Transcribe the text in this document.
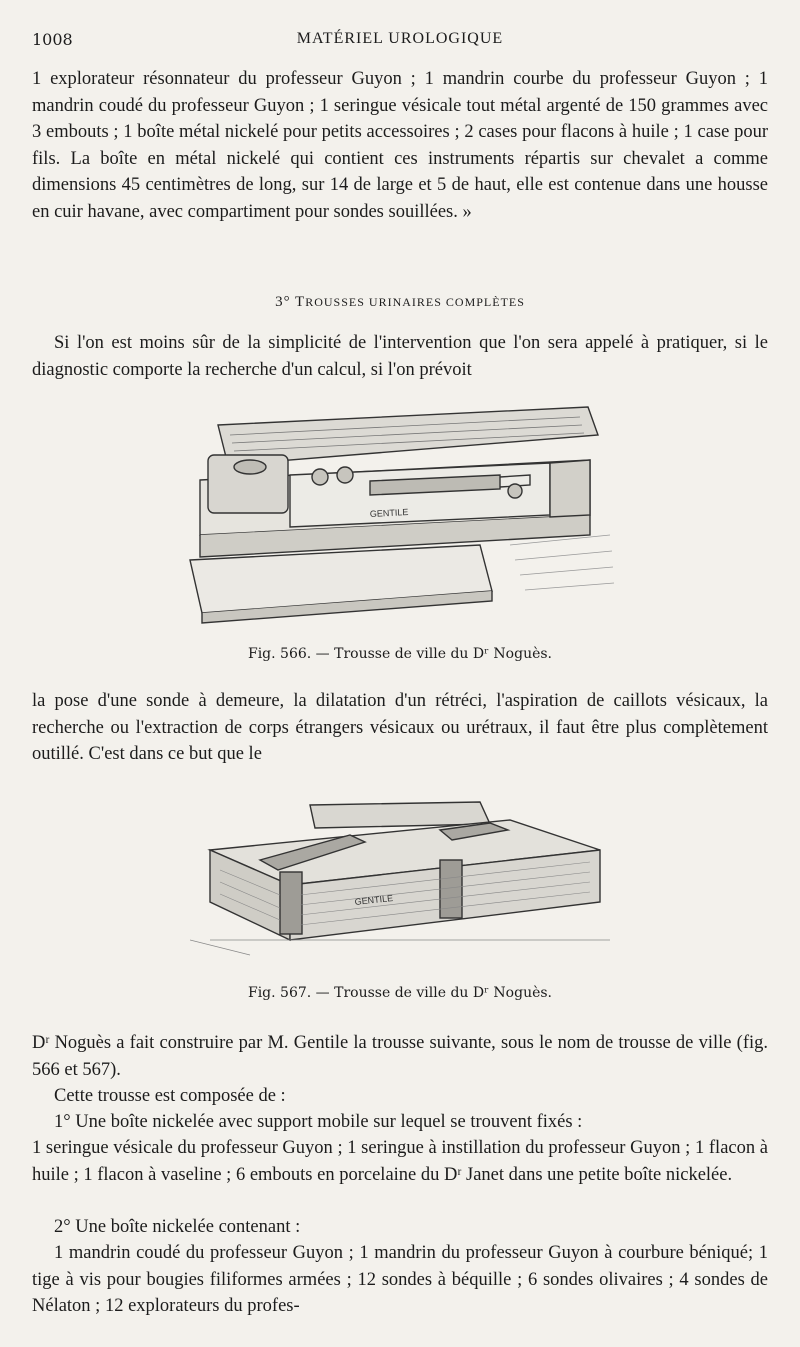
1008	MATÉRIEL UROLOGIQUE
1 explorateur résonnateur du professeur Guyon ; 1 mandrin courbe du professeur Guyon ; 1 mandrin coudé du professeur Guyon ; 1 seringue vésicale tout métal argenté de 150 grammes avec 3 embouts ; 1 boîte métal nickelé pour petits accessoires ; 2 cases pour flacons à huile ; 1 case pour fils. La boîte en métal nickelé qui contient ces instruments répartis sur chevalet a comme dimensions 45 centimètres de long, sur 14 de large et 5 de haut, elle est contenue dans une housse en cuir havane, avec compartiment pour sondes souillées. »
3° TROUSSES URINAIRES COMPLÈTES
Si l'on est moins sûr de la simplicité de l'intervention que l'on sera appelé à pratiquer, si le diagnostic comporte la recherche d'un calcul, si l'on prévoit
GENTILE
Fig. 566. — Trousse de ville du Dʳ Noguès.
la pose d'une sonde à demeure, la dilatation d'un rétréci, l'aspiration de caillots vésicaux, la recherche ou l'extraction de corps étrangers vésicaux ou urétraux, il faut être plus complètement outillé. C'est dans ce but que le
GENTILE
Fig. 567. — Trousse de ville du Dʳ Noguès.
Dʳ Noguès a fait construire par M. Gentile la trousse suivante, sous le nom de trousse de ville (fig. 566 et 567).
Cette trousse est composée de :
1° Une boîte nickelée avec support mobile sur lequel se trouvent fixés :
1 seringue vésicale du professeur Guyon ; 1 seringue à instillation du professeur Guyon ; 1 flacon à huile ; 1 flacon à vaseline ; 6 embouts en porcelaine du Dʳ Janet dans une petite boîte nickelée.
2° Une boîte nickelée contenant :
1 mandrin coudé du professeur Guyon ; 1 mandrin du professeur Guyon à courbure béniqué; 1 tige à vis pour bougies filiformes armées ; 12 sondes à béquille ; 6 sondes olivaires ; 4 sondes de Nélaton ; 12 explorateurs du profes-
